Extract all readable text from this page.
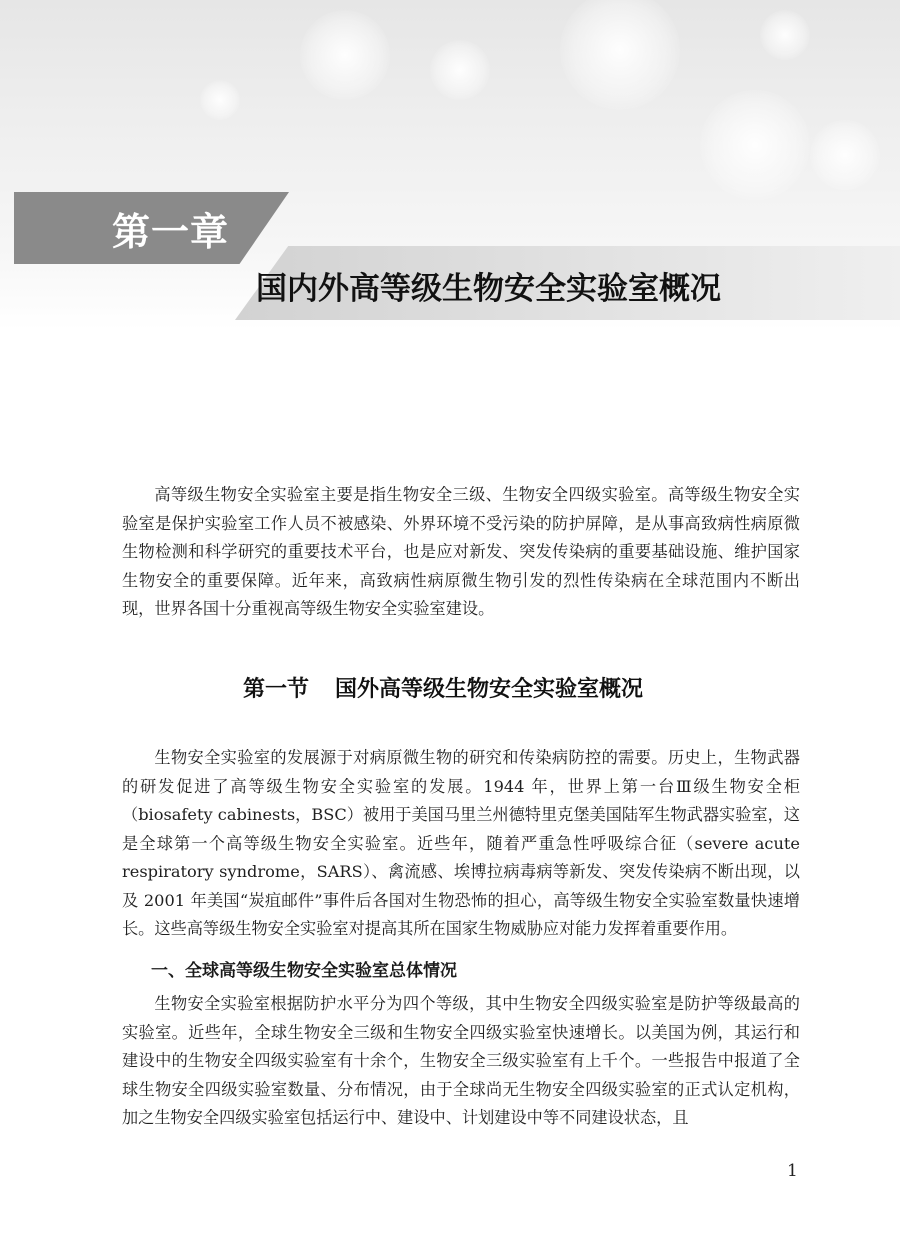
第一章
国内外高等级生物安全实验室概况

高等级生物安全实验室主要是指生物安全三级、生物安全四级实验室。高等级生物安全实验室是保护实验室工作人员不被感染、外界环境不受污染的防护屏障，是从事高致病性病原微生物检测和科学研究的重要技术平台，也是应对新发、突发传染病的重要基础设施、维护国家生物安全的重要保障。近年来，高致病性病原微生物引发的烈性传染病在全球范围内不断出现，世界各国十分重视高等级生物安全实验室建设。

第一节 国外高等级生物安全实验室概况

生物安全实验室的发展源于对病原微生物的研究和传染病防控的需要。历史上，生物武器的研发促进了高等级生物安全实验室的发展。1944 年，世界上第一台Ⅲ级生物安全柜（biosafety cabinests，BSC）被用于美国马里兰州德特里克堡美国陆军生物武器实验室，这是全球第一个高等级生物安全实验室。近些年，随着严重急性呼吸综合征（severe acute respiratory syndrome，SARS）、禽流感、埃博拉病毒病等新发、突发传染病不断出现，以及 2001 年美国“炭疽邮件”事件后各国对生物恐怖的担心，高等级生物安全实验室数量快速增长。这些高等级生物安全实验室对提高其所在国家生物威胁应对能力发挥着重要作用。

一、全球高等级生物安全实验室总体情况

生物安全实验室根据防护水平分为四个等级，其中生物安全四级实验室是防护等级最高的实验室。近些年，全球生物安全三级和生物安全四级实验室快速增长。以美国为例，其运行和建设中的生物安全四级实验室有十余个，生物安全三级实验室有上千个。一些报告中报道了全球生物安全四级实验室数量、分布情况，由于全球尚无生物安全四级实验室的正式认定机构，加之生物安全四级实验室包括运行中、建设中、计划建设中等不同建设状态，且

1
